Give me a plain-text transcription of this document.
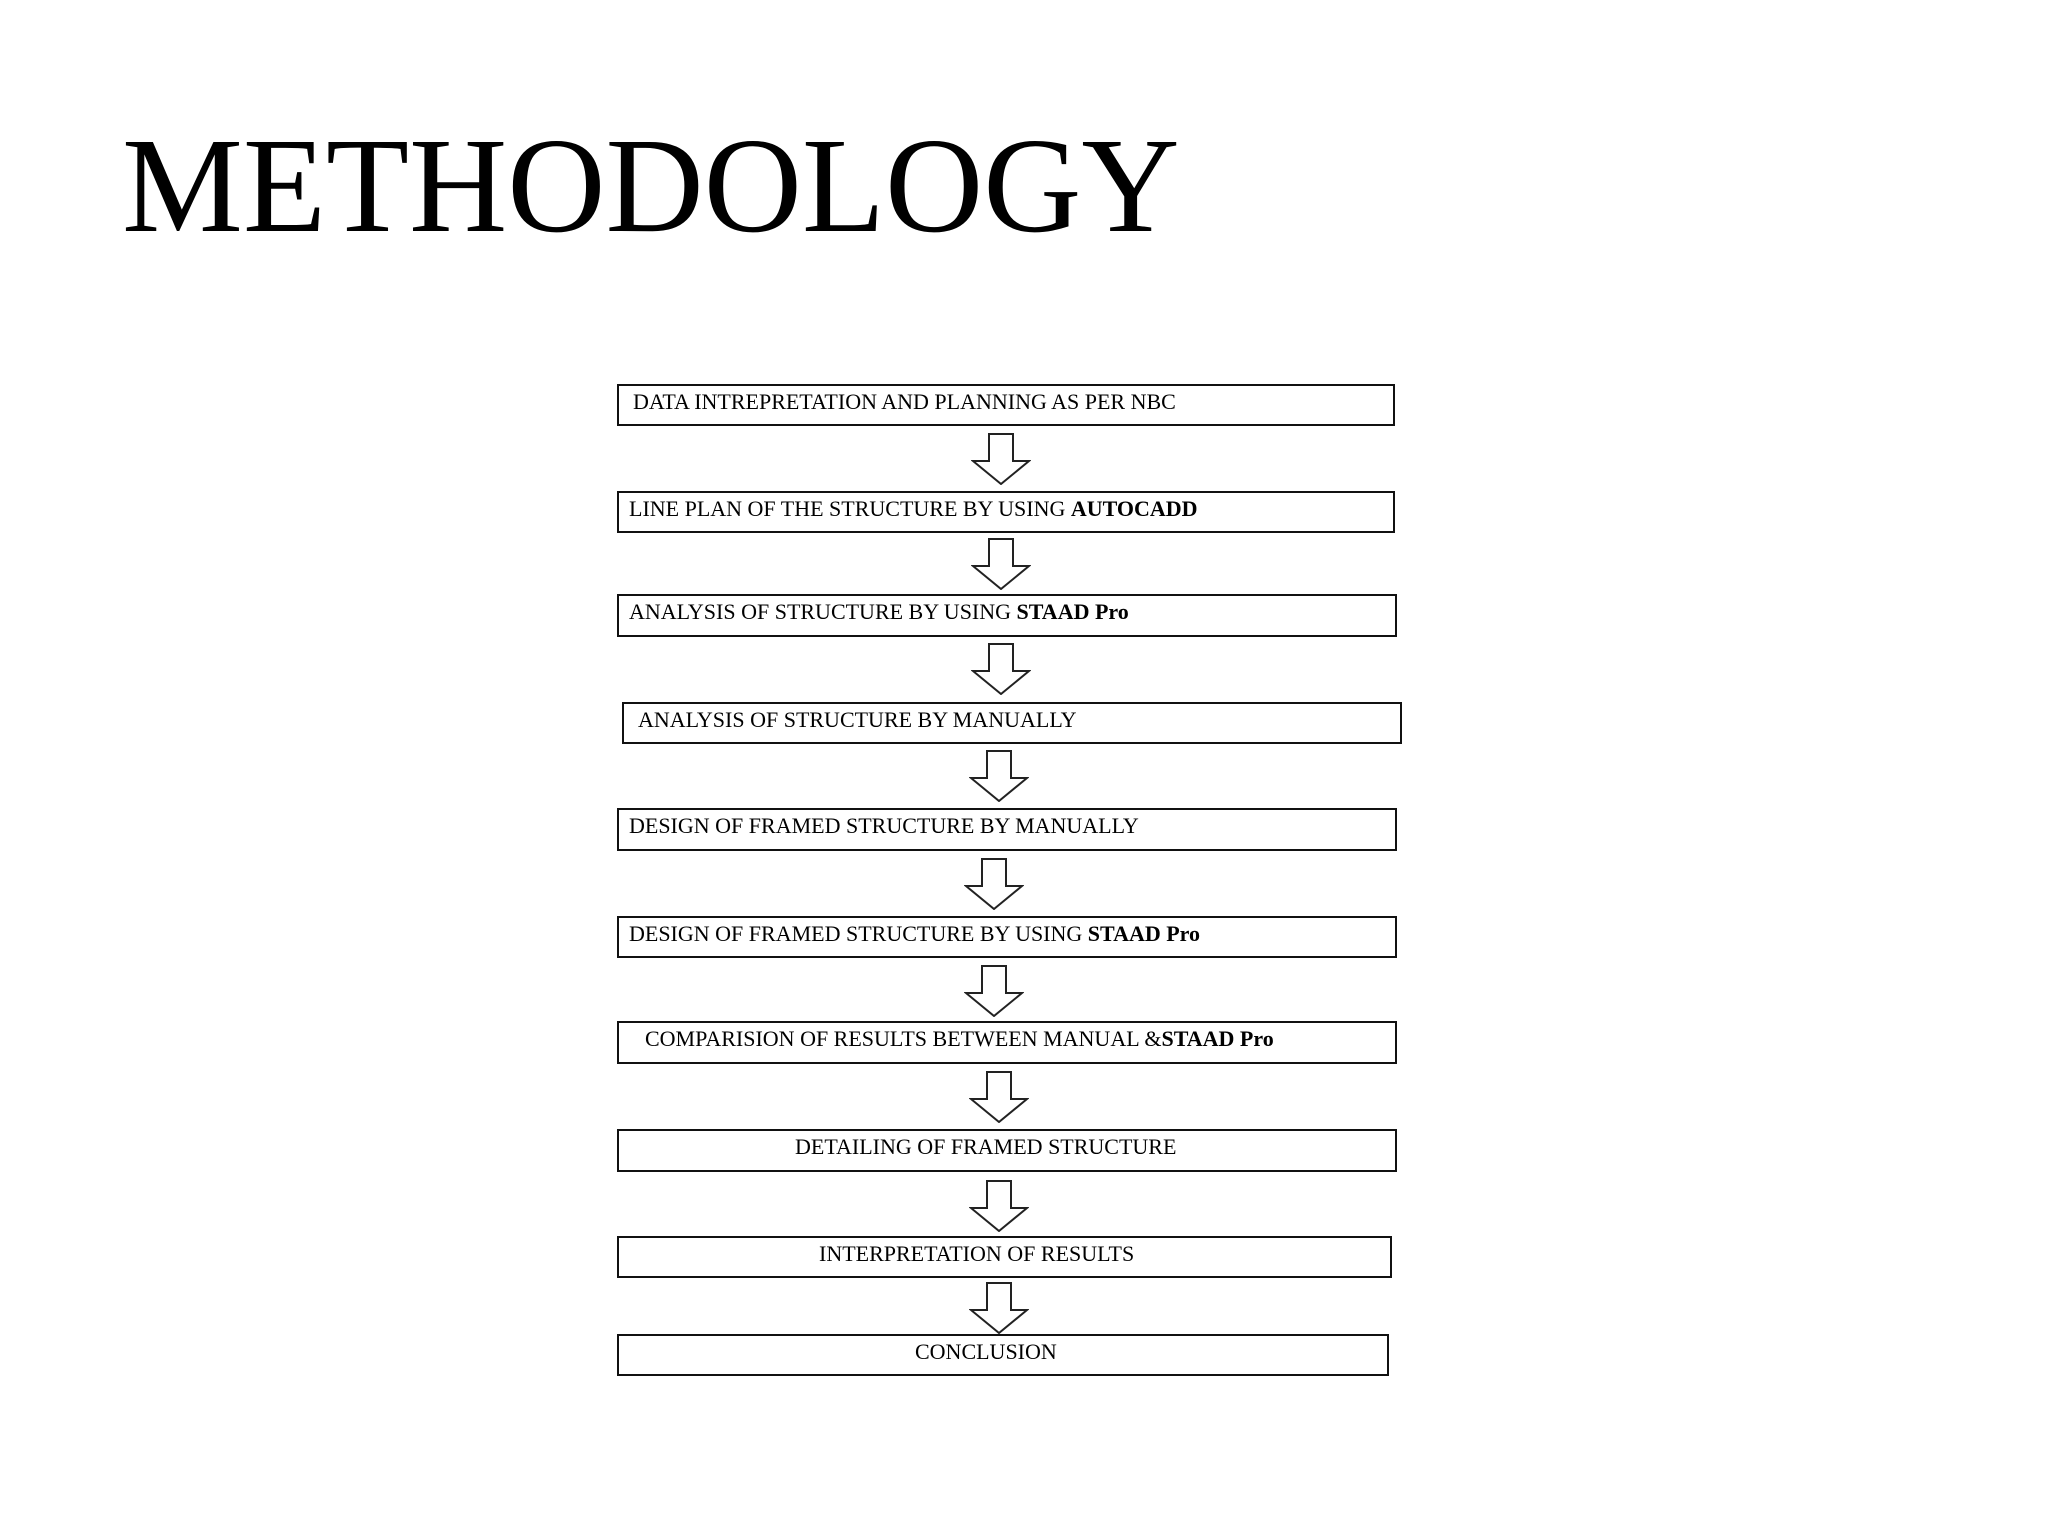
METHODOLOGY
DATA INTREPRETATION AND PLANNING AS PER NBC
LINE PLAN OF THE STRUCTURE BY USING AUTOCADD
ANALYSIS OF STRUCTURE BY USING STAAD Pro
ANALYSIS OF STRUCTURE BY MANUALLY
DESIGN OF FRAMED STRUCTURE BY MANUALLY
DESIGN OF FRAMED STRUCTURE BY USING STAAD Pro
COMPARISION OF RESULTS BETWEEN MANUAL &STAAD Pro
DETAILING OF FRAMED STRUCTURE
INTERPRETATION OF RESULTS
CONCLUSION
